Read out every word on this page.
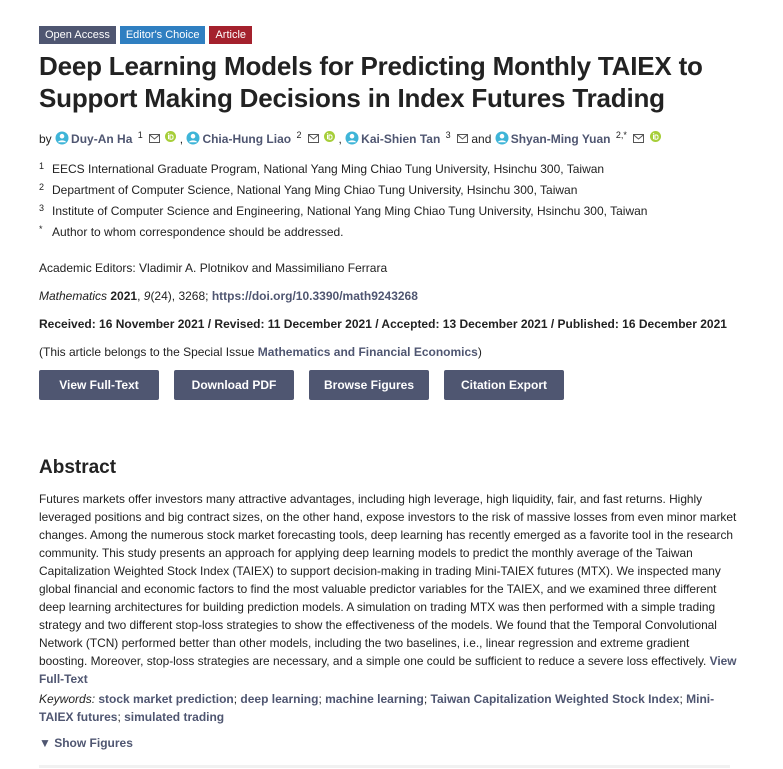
Open Access	Editor's Choice	Article
Deep Learning Models for Predicting Monthly TAIEX to Support Making Decisions in Index Futures Trading
by Duy-An Ha $^1$	, Chia-Hung Liao $^2$	, Kai-Shien Tan $^3$ and Shyan-Ming Yuan $^{2,*}$
1 EECS International Graduate Program, National Yang Ming Chiao Tung University, Hsinchu 300, Taiwan
2 Department of Computer Science, National Yang Ming Chiao Tung University, Hsinchu 300, Taiwan
3 Institute of Computer Science and Engineering, National Yang Ming Chiao Tung University, Hsinchu 300, Taiwan
* Author to whom correspondence should be addressed.
Academic Editors: Vladimir A. Plotnikov and Massimiliano Ferrara
Mathematics 2021, 9(24), 3268; https://doi.org/10.3390/math9243268
Received: 16 November 2021 / Revised: 11 December 2021 / Accepted: 13 December 2021 / Published: 16 December 2021
(This article belongs to the Special Issue Mathematics and Financial Economics)
View Full-Text	Download PDF	Browse Figures	Citation Export
Abstract
Futures markets offer investors many attractive advantages, including high leverage, high liquidity, fair, and fast returns. Highly leveraged positions and big contract sizes, on the other hand, expose investors to the risk of massive losses from even minor market changes. Among the numerous stock market forecasting tools, deep learning has recently emerged as a favorite tool in the research community. This study presents an approach for applying deep learning models to predict the monthly average of the Taiwan Capitalization Weighted Stock Index (TAIEX) to support decision-making in trading Mini-TAIEX futures (MTX). We inspected many global financial and economic factors to find the most valuable predictor variables for the TAIEX, and we examined three different deep learning architectures for building prediction models. A simulation on trading MTX was then performed with a simple trading strategy and two different stop-loss strategies to show the effectiveness of the models. We found that the Temporal Convolutional Network (TCN) performed better than other models, including the two baselines, i.e., linear regression and extreme gradient boosting. Moreover, stop-loss strategies are necessary, and a simple one could be sufficient to reduce a severe loss effectively. View Full-Text
Keywords: stock market prediction; deep learning; machine learning; Taiwan Capitalization Weighted Stock Index; Mini-TAIEX futures; simulated trading
▼ Show Figures
